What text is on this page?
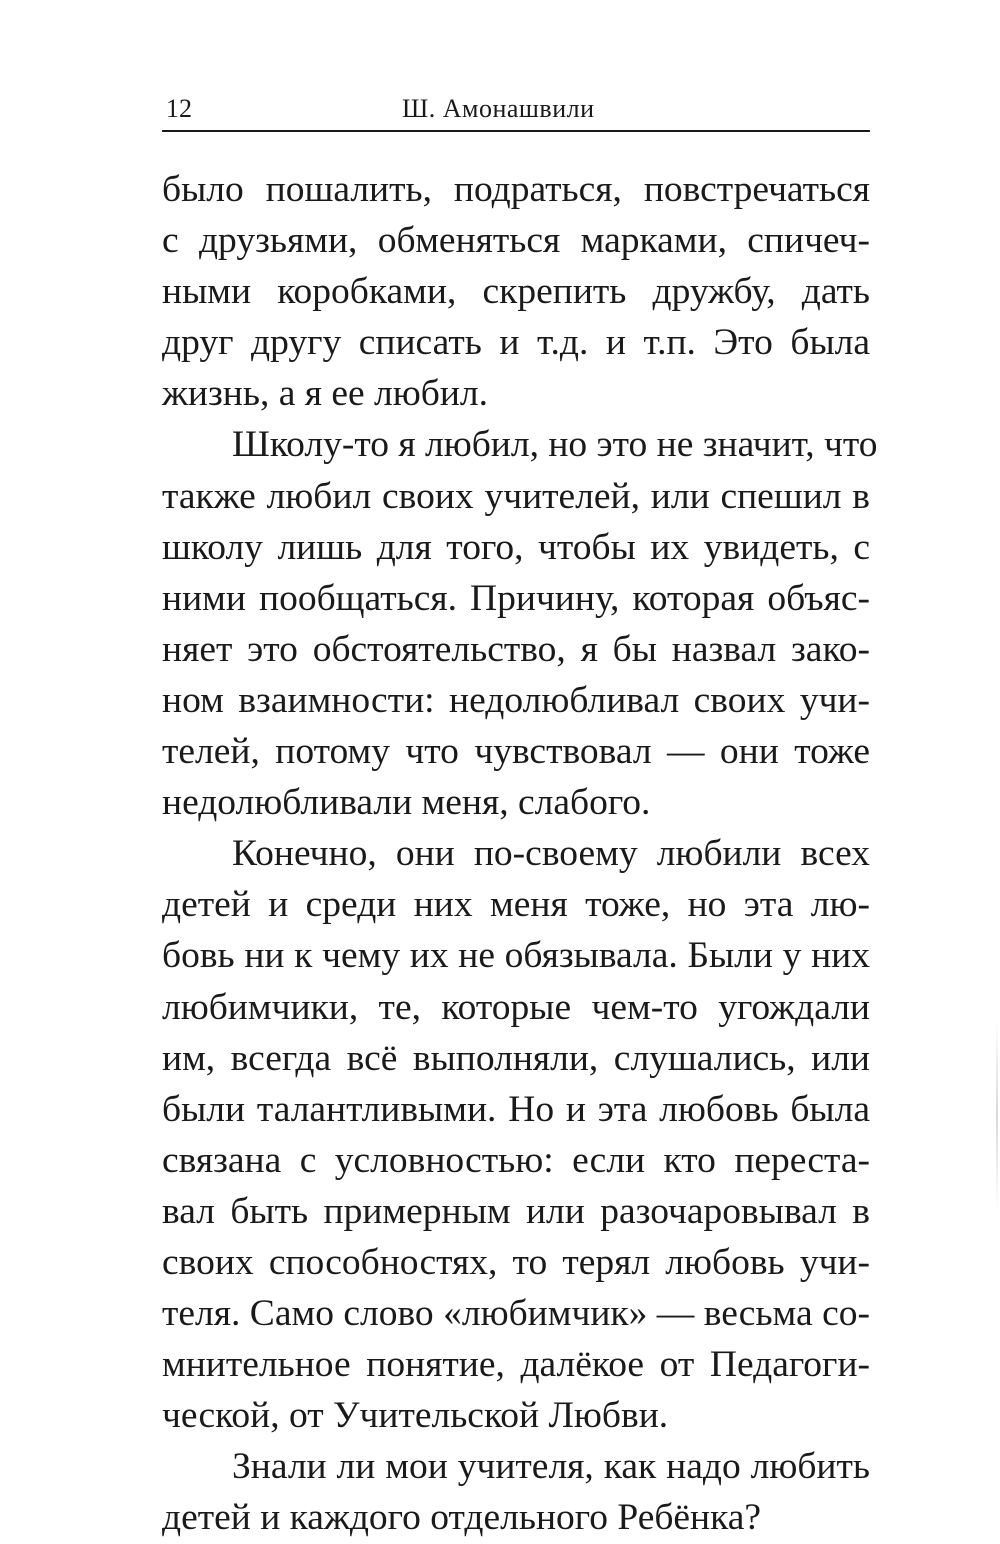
12	Ш. Амонашвили
было пошалить, подраться, повстречаться
с друзьями, обменяться марками, спичеч-
ными коробками, скрепить дружбу, дать
друг другу списать и т.д. и т.п. Это была
жизнь, а я ее любил.
Школу-то я любил, но это не значит, что
также любил своих учителей, или спешил в
школу лишь для того, чтобы их увидеть, с
ними пообщаться. Причину, которая объяс-
няет это обстоятельство, я бы назвал зако-
ном взаимности: недолюбливал своих учи-
телей, потому что чувствовал — они тоже
недолюбливали меня, слабого.
Конечно, они по-своему любили всех
детей и среди них меня тоже, но эта лю-
бовь ни к чему их не обязывала. Были у них
любимчики, те, которые чем-то угождали
им, всегда всё выполняли, слушались, или
были талантливыми. Но и эта любовь была
связана с условностью: если кто переста-
вал быть примерным или разочаровывал в
своих способностях, то терял любовь учи-
теля. Само слово «любимчик» — весьма со-
мнительное понятие, далёкое от Педагоги-
ческой, от Учительской Любви.
Знали ли мои учителя, как надо любить
детей и каждого отдельного Ребёнка?
